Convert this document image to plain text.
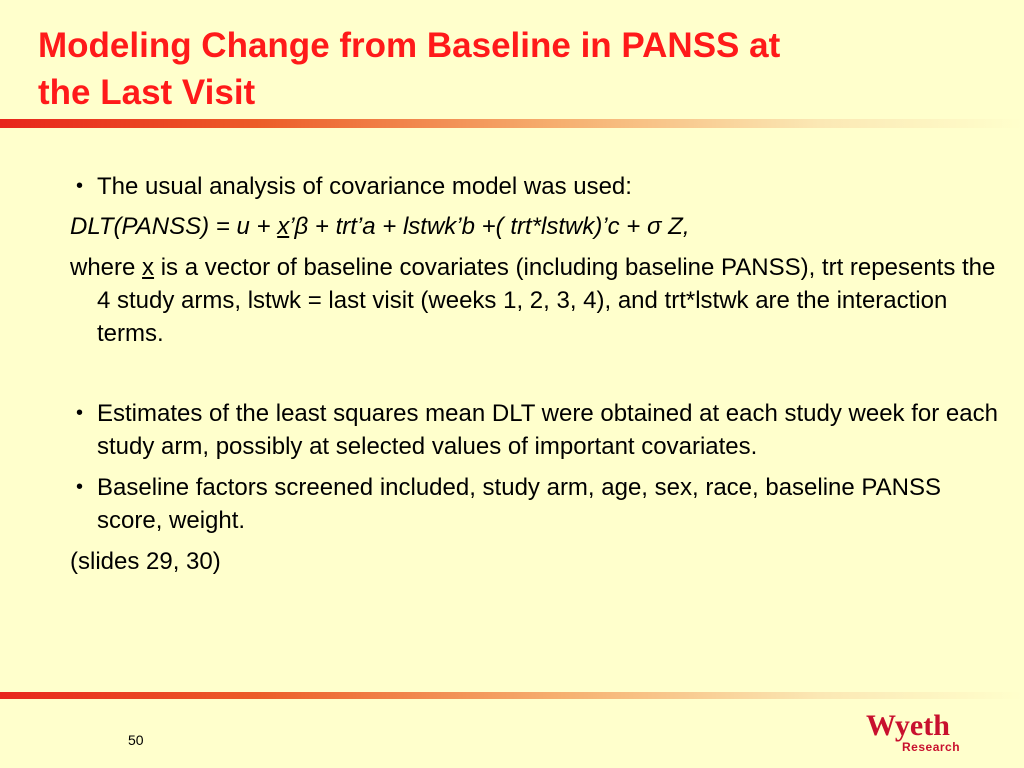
Modeling Change from Baseline in PANSS at
the Last Visit
• The usual analysis of covariance model was used:
DLT(PANSS) = u + x’β + trt’a + lstwk’b +( trt*lstwk)’c + σ Z,
where x is a vector of baseline covariates (including baseline PANSS), trt repesents the 4 study arms, lstwk = last visit (weeks 1, 2, 3, 4), and trt*lstwk are the interaction terms.
• Estimates of the least squares mean DLT were obtained at each study week for each study arm, possibly at selected values of important covariates.
• Baseline factors screened included, study arm, age, sex, race, baseline PANSS score, weight.
(slides 29, 30)
50	Wyeth
Research
